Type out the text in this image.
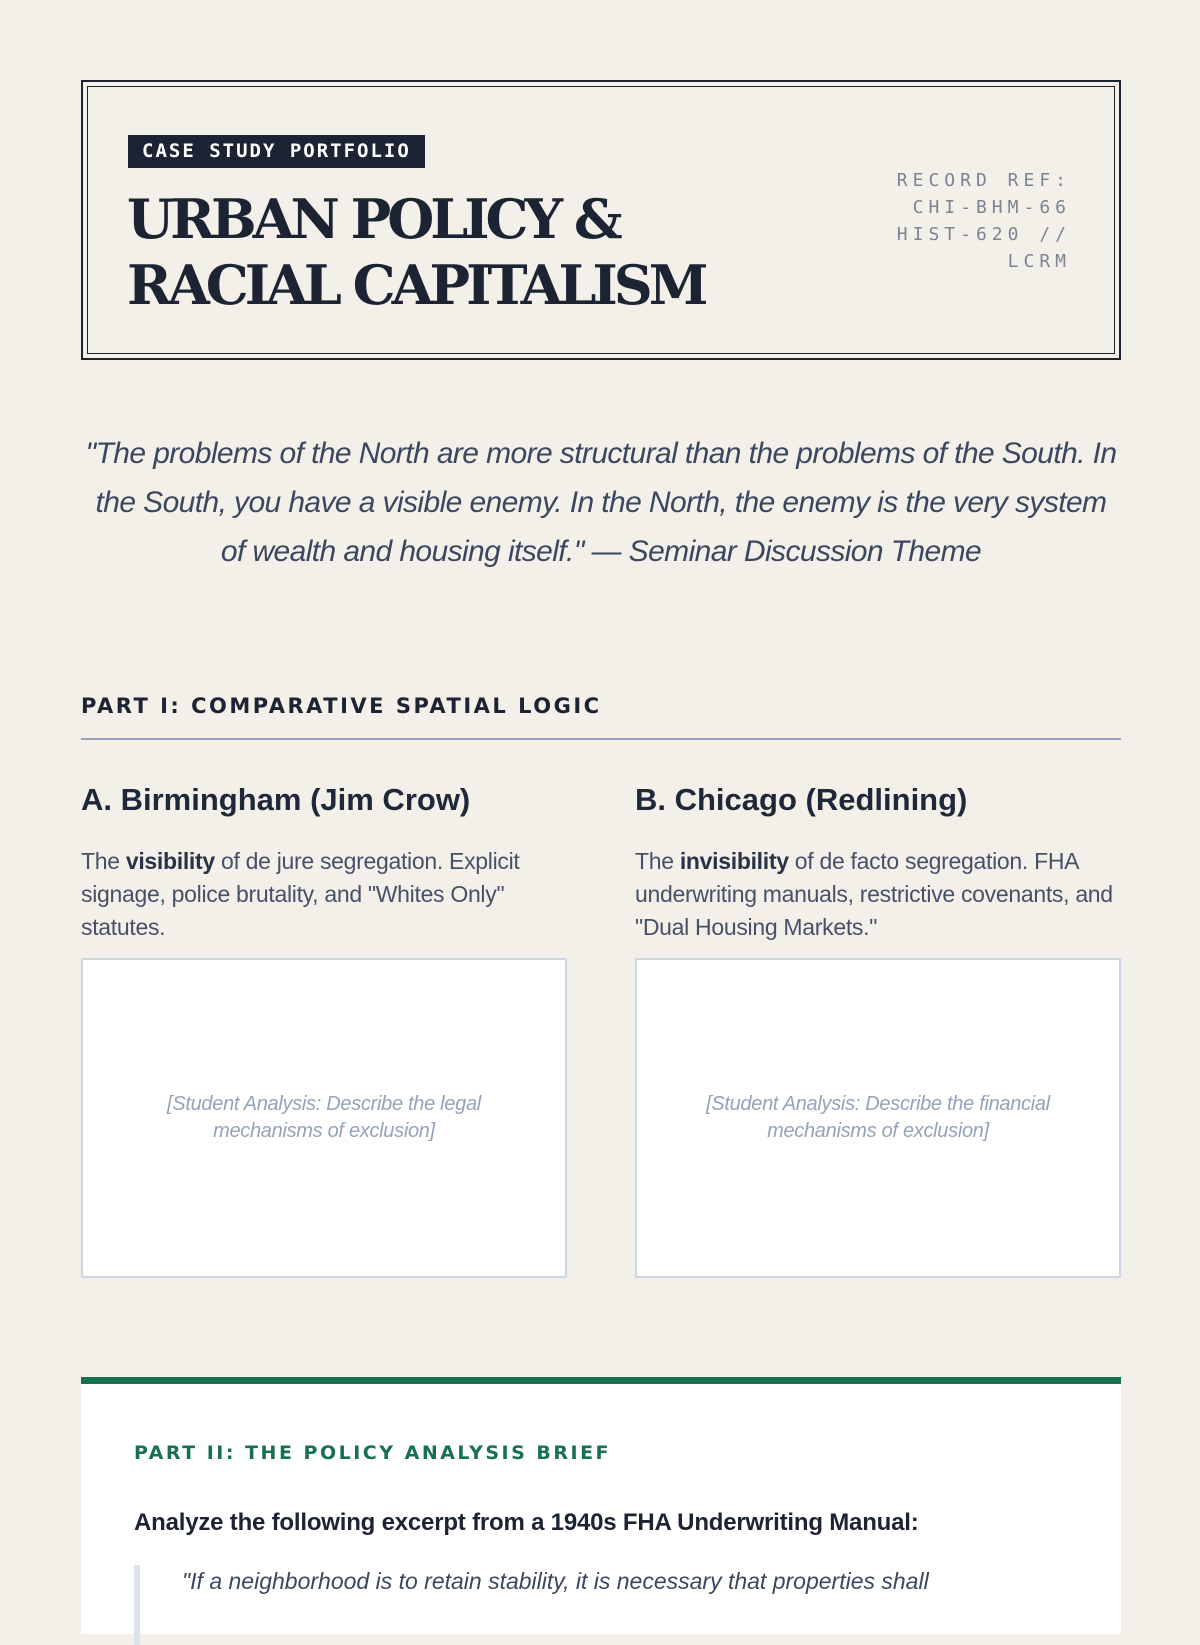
CASE STUDY PORTFOLIO
URBAN POLICY & RACIAL CAPITALISM
RECORD REF: CHI-BHM-66 HIST-620 // LCRM

"The problems of the North are more structural than the problems of the South. In the South, you have a visible enemy. In the North, the enemy is the very system of wealth and housing itself." — Seminar Discussion Theme

PART I: COMPARATIVE SPATIAL LOGIC
A. Birmingham (Jim Crow)

The visibility of de jure segregation. Explicit signage, police brutality, and "Whites Only" statutes.

[Student Analysis: Describe the legal mechanisms of exclusion]
B. Chicago (Redlining)

The invisibility of de facto segregation. FHA underwriting manuals, restrictive covenants, and "Dual Housing Markets."

[Student Analysis: Describe the financial mechanisms of exclusion]
PART II: THE POLICY ANALYSIS BRIEF
Analyze the following excerpt from a 1940s FHA Underwriting Manual:
"If a neighborhood is to retain stability, it is necessary that properties shall
